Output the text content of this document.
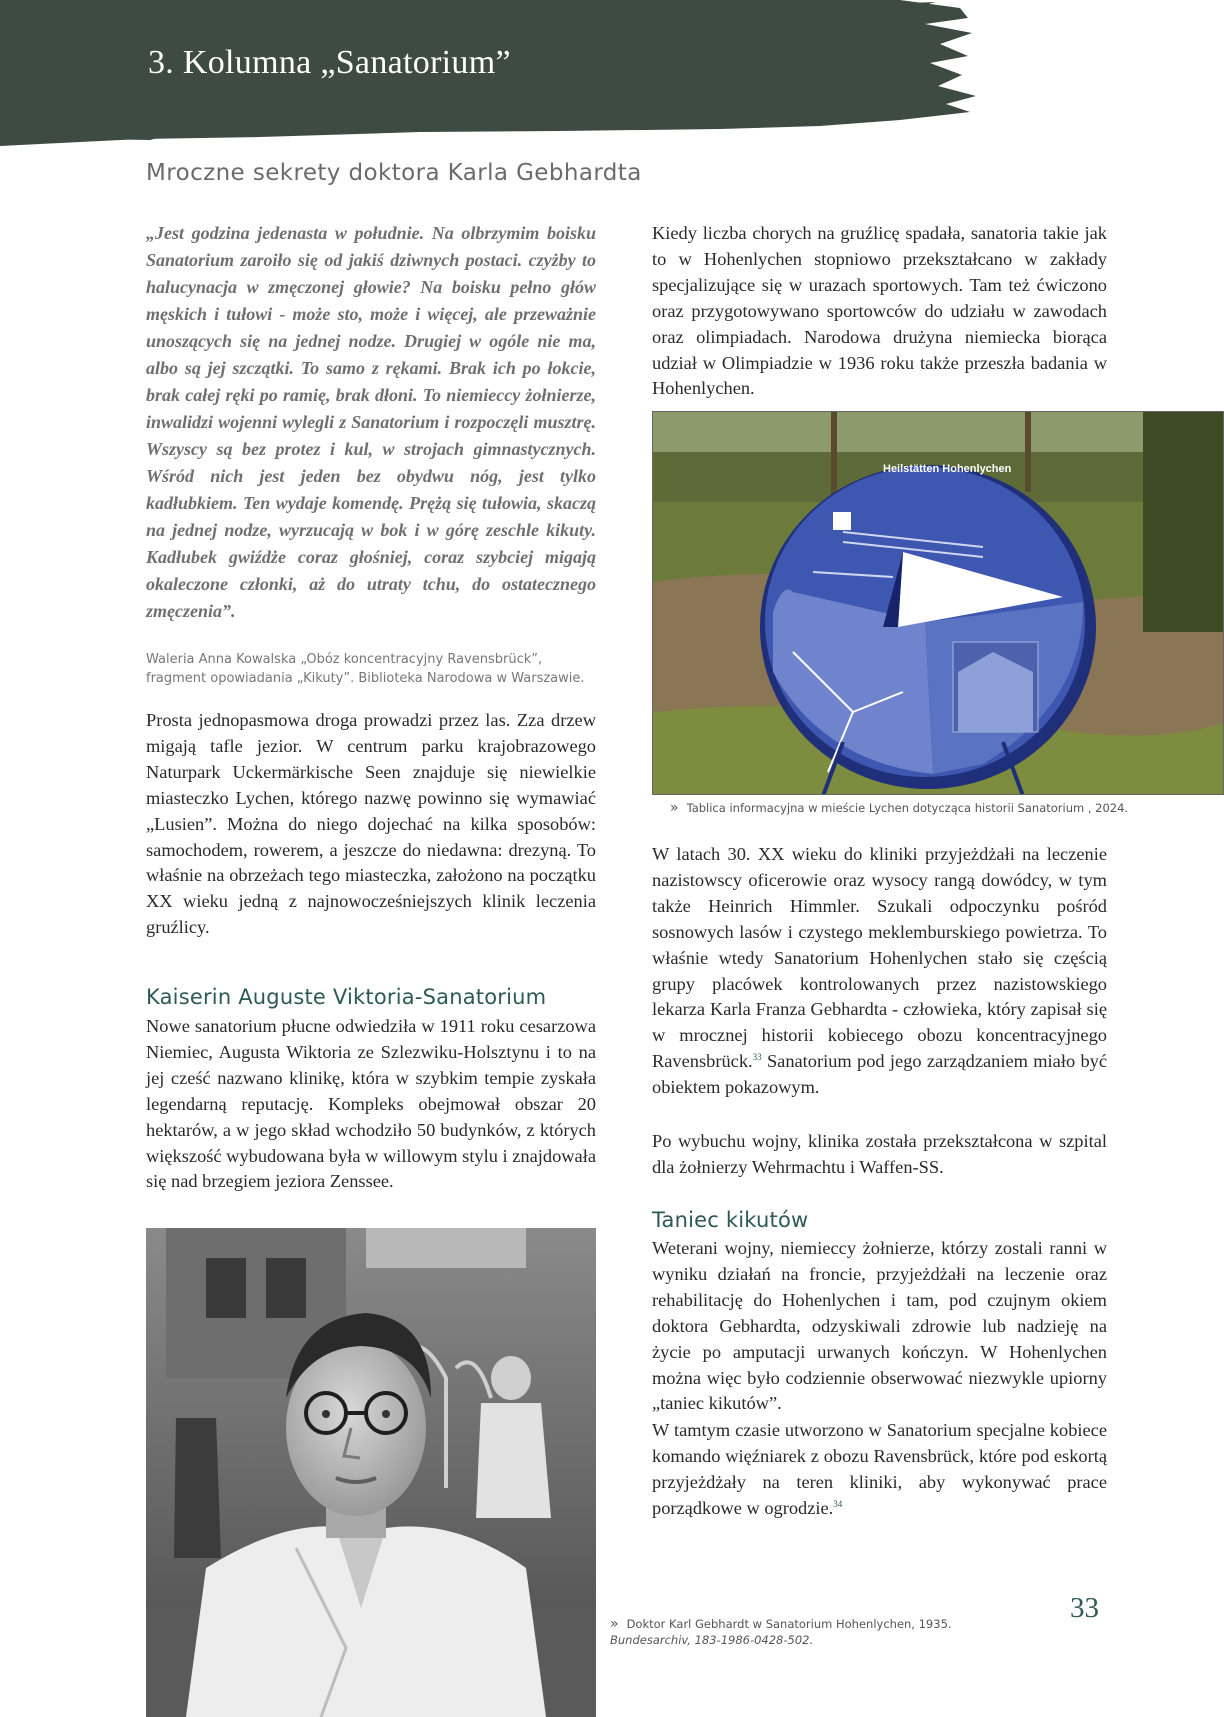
3. Kolumna „Sanatorium”
Mroczne sekrety doktora Karla Gebhardta

„Jest godzina jedenasta w południe. Na olbrzymim boisku Sanatorium zaroiło się od jakiś dziwnych postaci. czyżby to halucynacja w zmęczonej głowie? Na boisku pełno głów męskich i tułowi - może sto, może i więcej, ale przeważnie unoszących się na jednej nodze. Drugiej w ogóle nie ma, albo są jej szczątki. To samo z rękami. Brak ich po łokcie, brak całej ręki po ramię, brak dłoni. To niemieccy żołnierze, inwalidzi wojenni wylegli z Sanatorium i rozpoczęli musztrę. Wszyscy są bez protez i kul, w strojach gimnastycznych. Wśród nich jest jeden bez obydwu nóg, jest tylko kadłubkiem. Ten wydaje komendę. Prężą się tułowia, skaczą na jednej nodze, wyrzucają w bok i w górę zeschle kikuty. Kadłubek gwiźdże coraz głośniej, coraz szybciej migają okaleczone członki, aż do utraty tchu, do ostatecznego zmęczenia”.

Waleria Anna Kowalska „Obóz koncentracyjny Ravensbrück”, fragment opowiadania „Kikuty”. Biblioteka Narodowa w Warszawie.

Prosta jednopasmowa droga prowadzi przez las. Zza drzew migają tafle jezior. W centrum parku krajobrazowego Naturpark Uckermärkische Seen znajduje się niewielkie miasteczko Lychen, którego nazwę powinno się wymawiać „Lusien”. Można do niego dojechać na kilka sposobów: samochodem, rowerem, a jeszcze do niedawna: drezyną. To właśnie na obrzeżach tego miasteczka, założono na początku XX wieku jedną z najnowocześniejszych klinik leczenia gruźlicy.

Kaiserin Auguste Viktoria-Sanatorium

Nowe sanatorium płucne odwiedziła w 1911 roku cesarzowa Niemiec, Augusta Wiktoria ze Szlezwiku-Holsztynu i to na jej cześć nazwano klinikę, która w szybkim tempie zyskała legendarną reputację. Kompleks obejmował obszar 20 hektarów, a w jego skład wchodziło 50 budynków, z których większość wybudowana była w willowym stylu i znajdowała się nad brzegiem jeziora Zenssee.

Kiedy liczba chorych na gruźlicę spadała, sanatoria takie jak to w Hohenlychen stopniowo przekształcano w zakłady specjalizujące się w urazach sportowych. Tam też ćwiczono oraz przygotowywano sportowców do udziału w zawodach oraz olimpiadach. Narodowa drużyna niemiecka biorąca udział w Olimpiadzie w 1936 roku także przeszła badania w Hohenlychen.

Heilstätten Hohenlychen
» Tablica informacyjna w mieście Lychen dotycząca historii Sanatorium , 2024.

W latach 30. XX wieku do kliniki przyjeżdżałi na leczenie nazistowscy oficerowie oraz wysocy rangą dowódcy, w tym także Heinrich Himmler. Szukali odpoczynku pośród sosnowych lasów i czystego meklemburskiego powietrza. To właśnie wtedy Sanatorium Hohenlychen stało się częścią grupy placówek kontrolowanych przez nazistowskiego lekarza Karla Franza Gebhardta - człowieka, który zapisał się w mrocznej historii kobiecego obozu koncentracyjnego Ravensbrück.$^{33}$ Sanatorium pod jego zarządzaniem miało być obiektem pokazowym.

Po wybuchu wojny, klinika została przekształcona w szpital dla żołnierzy Wehrmachtu i Waffen-SS.

Taniec kikutów

Weterani wojny, niemieccy żołnierze, którzy zostali ranni w wyniku działań na froncie, przyjeżdżałi na leczenie oraz rehabilitację do Hohenlychen i tam, pod czujnym okiem doktora Gebhardta, odzyskiwali zdrowie lub nadzieję na życie po amputacji urwanych kończyn. W Hohenlychen można więc było codziennie obserwować niezwykle upiorny „taniec kikutów”.

W tamtym czasie utworzono w Sanatorium specjalne kobiece komando więźniarek z obozu Ravensbrück, które pod eskortą przyjeżdżały na teren kliniki, aby wykonywać prace porządkowe w ogrodzie.$^{34}$

» Doktor Karl Gebhardt w Sanatorium Hohenlychen, 1935.
Bundesarchiv, 183-1986-0428-502.
33
